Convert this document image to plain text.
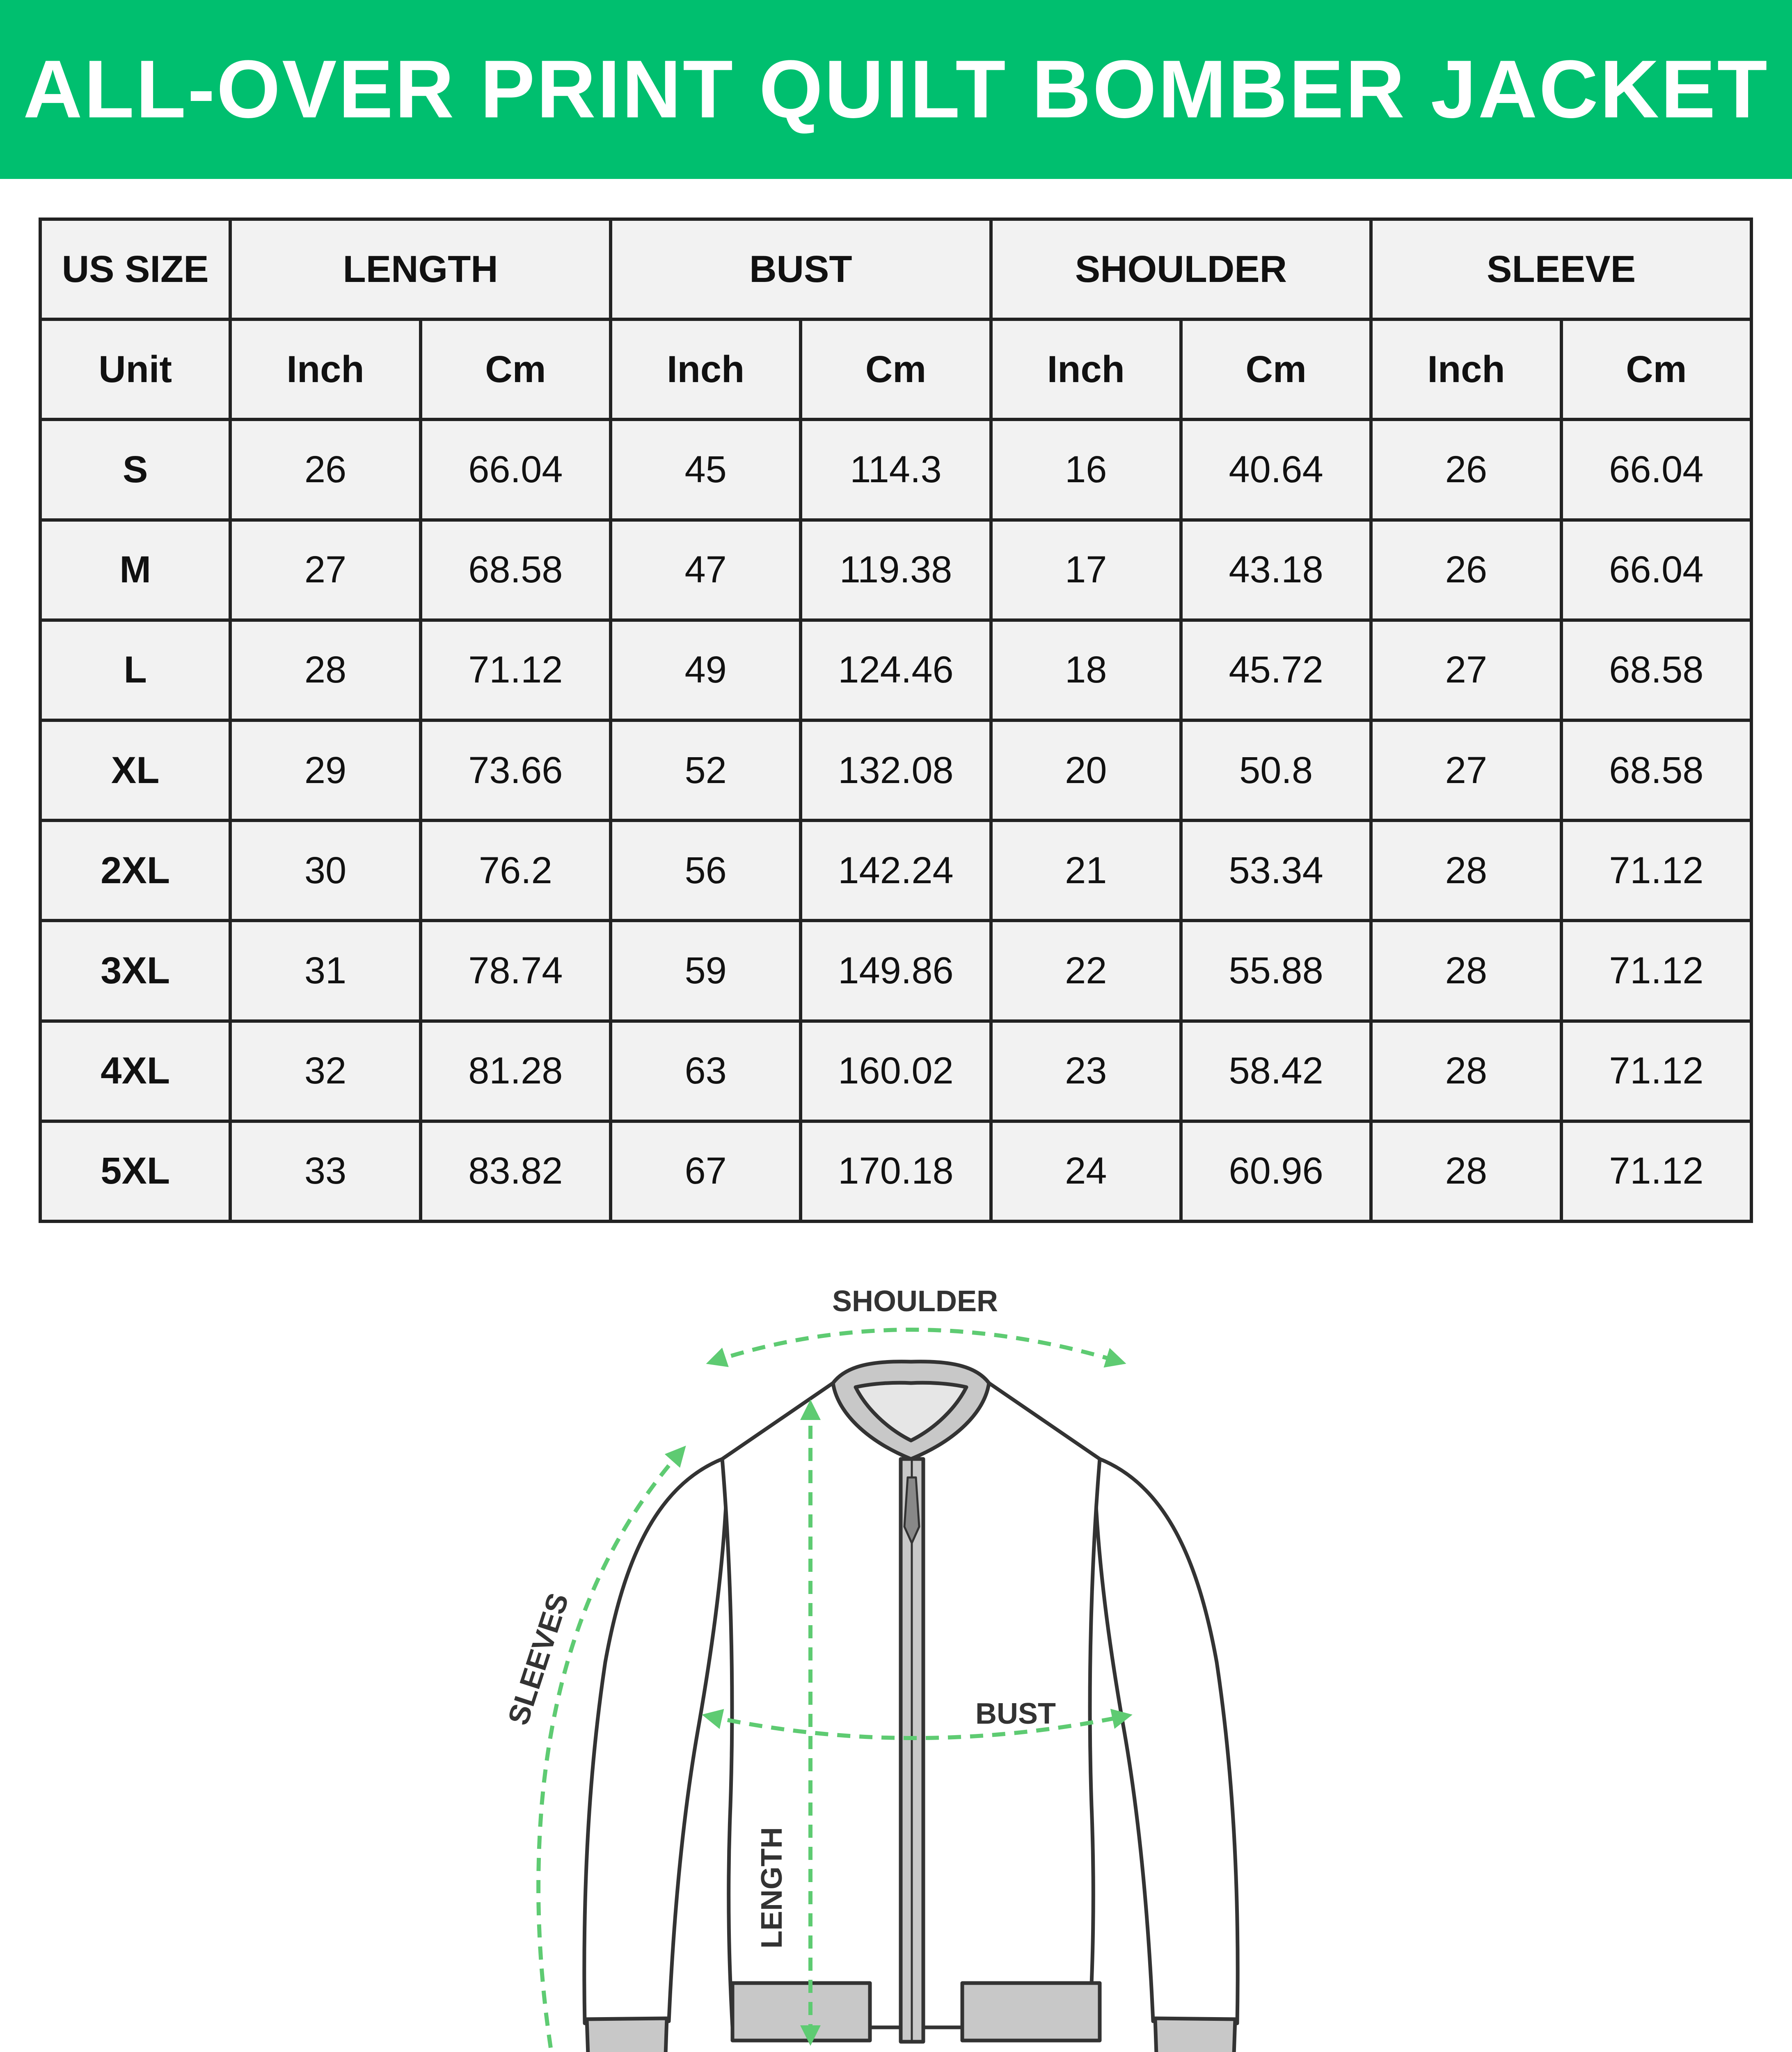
ALL-OVER PRINT QUILT BOMBER JACKET
US SIZE	LENGTH		BUST		SHOULDER		SLEEVE	
Unit	Inch	Cm	Inch	Cm	Inch	Cm	Inch	Cm
S	26	66.04	45	114.3	16	40.64	26	66.04
M	27	68.58	47	119.38	17	43.18	26	66.04
L	28	71.12	49	124.46	18	45.72	27	68.58
XL	29	73.66	52	132.08	20	50.8	27	68.58
2XL	30	76.2	56	142.24	21	53.34	28	71.12
3XL	31	78.74	59	149.86	22	55.88	28	71.12
4XL	32	81.28	63	160.02	23	58.42	28	71.12
5XL	33	83.82	67	170.18	24	60.96	28	71.12
SHOULDER
SLEEVES	BUST
LENGTH
